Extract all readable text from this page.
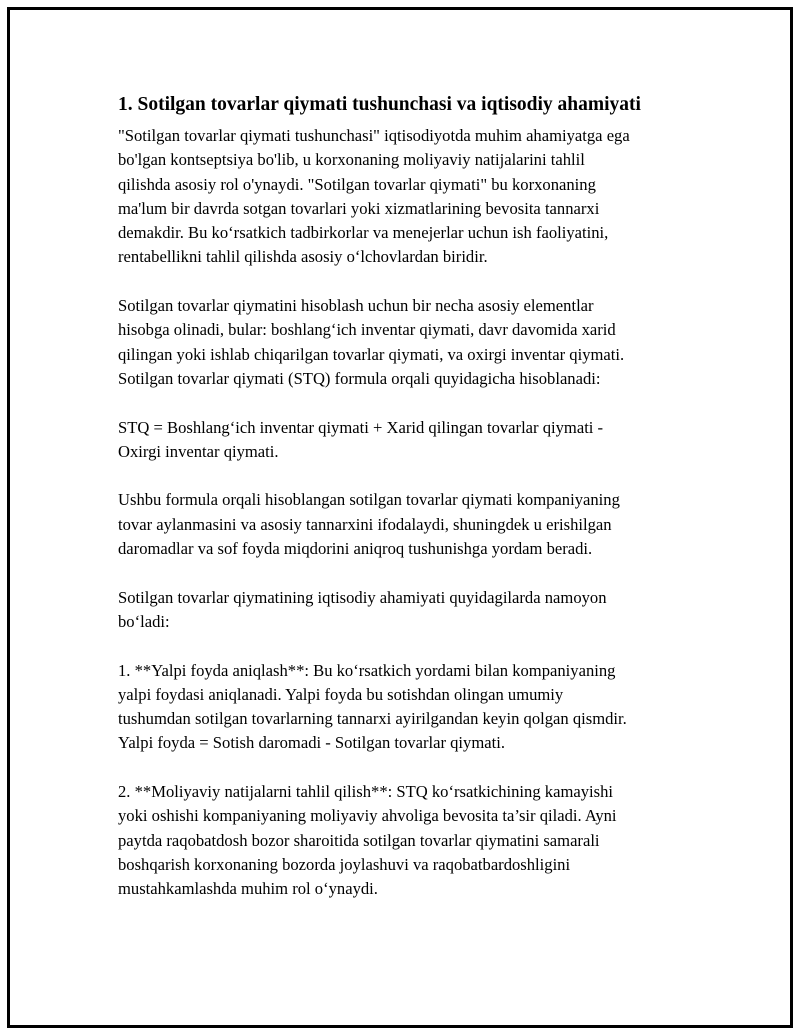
1. Sotilgan tovarlar qiymati tushunchasi va iqtisodiy ahamiyati

"Sotilgan tovarlar qiymati tushunchasi" iqtisodiyotda muhim ahamiyatga ega
bo'lgan kontseptsiya bo'lib, u korxonaning moliyaviy natijalarini tahlil
qilishda asosiy rol o'ynaydi. "Sotilgan tovarlar qiymati" bu korxonaning
ma'lum bir davrda sotgan tovarlari yoki xizmatlarining bevosita tannarxi
demakdir. Bu ko‘rsatkich tadbirkorlar va menejerlar uchun ish faoliyatini,
rentabellikni tahlil qilishda asosiy o‘lchovlardan biridir.

Sotilgan tovarlar qiymatini hisoblash uchun bir necha asosiy elementlar
hisobga olinadi, bular: boshlang‘ich inventar qiymati, davr davomida xarid
qilingan yoki ishlab chiqarilgan tovarlar qiymati, va oxirgi inventar qiymati.
Sotilgan tovarlar qiymati (STQ) formula orqali quyidagicha hisoblanadi:

STQ = Boshlang‘ich inventar qiymati + Xarid qilingan tovarlar qiymati -
Oxirgi inventar qiymati.

Ushbu formula orqali hisoblangan sotilgan tovarlar qiymati kompaniyaning
tovar aylanmasini va asosiy tannarxini ifodalaydi, shuningdek u erishilgan
daromadlar va sof foyda miqdorini aniqroq tushunishga yordam beradi.

Sotilgan tovarlar qiymatining iqtisodiy ahamiyati quyidagilarda namoyon
bo‘ladi:

1. **Yalpi foyda aniqlash**: Bu ko‘rsatkich yordami bilan kompaniyaning
yalpi foydasi aniqlanadi. Yalpi foyda bu sotishdan olingan umumiy
tushumdan sotilgan tovarlarning tannarxi ayirilgandan keyin qolgan qismdir.
Yalpi foyda = Sotish daromadi - Sotilgan tovarlar qiymati.

2. **Moliyaviy natijalarni tahlil qilish**: STQ ko‘rsatkichining kamayishi
yoki oshishi kompaniyaning moliyaviy ahvoliga bevosita ta’sir qiladi. Ayni
paytda raqobatdosh bozor sharoitida sotilgan tovarlar qiymatini samarali
boshqarish korxonaning bozorda joylashuvi va raqobatbardoshligini
mustahkamlashda muhim rol o‘ynaydi.
